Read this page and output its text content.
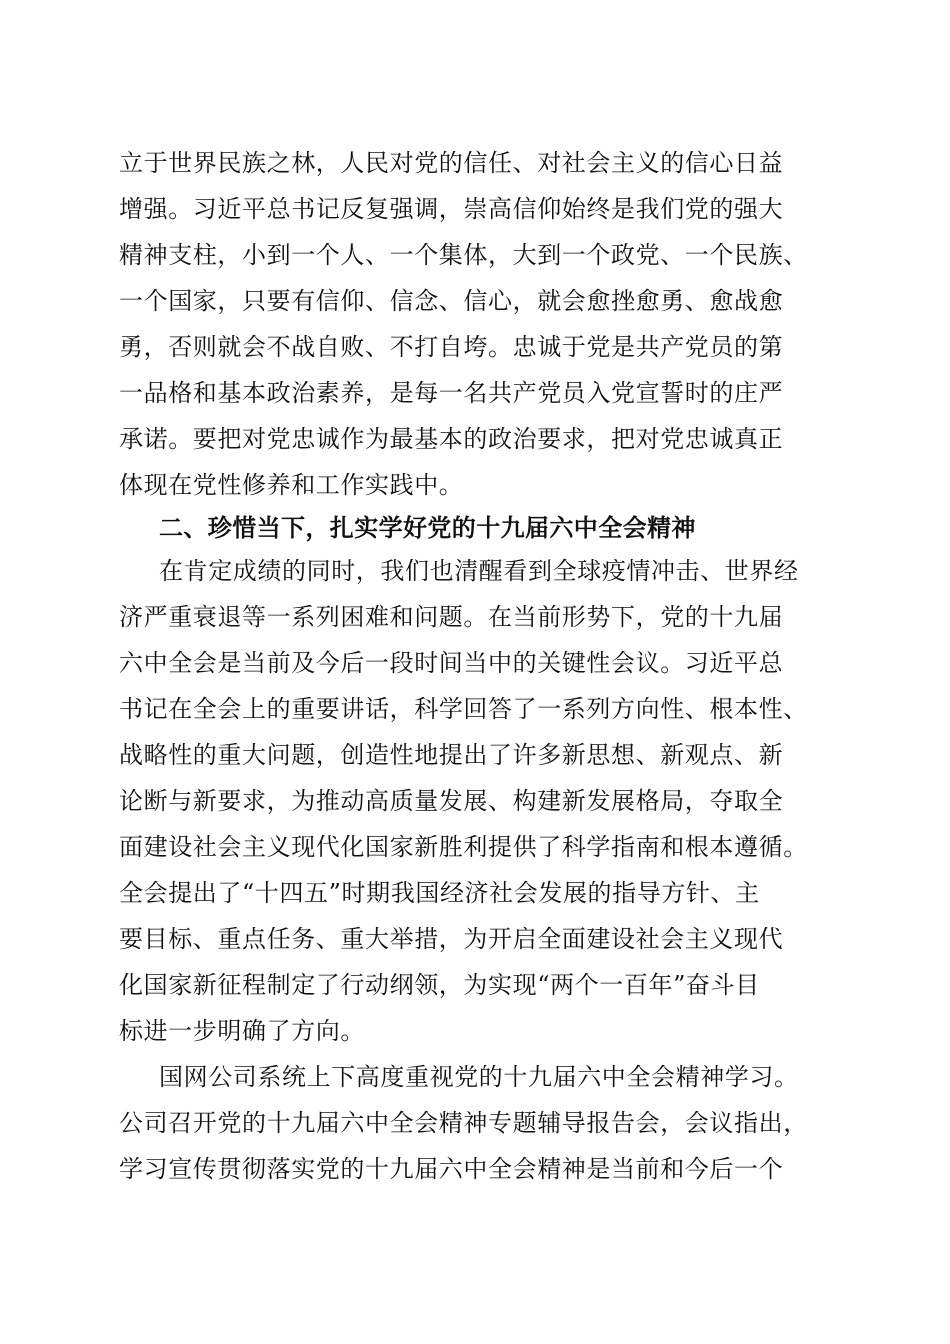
立于世界民族之林，人民对党的信任、对社会主义的信心日益
增强。习近平总书记反复强调，崇高信仰始终是我们党的强大
精神支柱，小到一个人、一个集体，大到一个政党、一个民族、
一个国家，只要有信仰、信念、信心，就会愈挫愈勇、愈战愈
勇，否则就会不战自败、不打自垮。忠诚于党是共产党员的第
一品格和基本政治素养，是每一名共产党员入党宣誓时的庄严
承诺。要把对党忠诚作为最基本的政治要求，把对党忠诚真正
体现在党性修养和工作实践中。
二、珍惜当下，扎实学好党的十九届六中全会精神
在肯定成绩的同时，我们也清醒看到全球疫情冲击、世界经
济严重衰退等一系列困难和问题。在当前形势下，党的十九届
六中全会是当前及今后一段时间当中的关键性会议。习近平总
书记在全会上的重要讲话，科学回答了一系列方向性、根本性、
战略性的重大问题，创造性地提出了许多新思想、新观点、新
论断与新要求，为推动高质量发展、构建新发展格局，夺取全
面建设社会主义现代化国家新胜利提供了科学指南和根本遵循。
全会提出了“十四五”时期我国经济社会发展的指导方针、主
要目标、重点任务、重大举措，为开启全面建设社会主义现代
化国家新征程制定了行动纲领，为实现“两个一百年”奋斗目
标进一步明确了方向。
国网公司系统上下高度重视党的十九届六中全会精神学习。
公司召开党的十九届六中全会精神专题辅导报告会，会议指出，
学习宣传贯彻落实党的十九届六中全会精神是当前和今后一个
